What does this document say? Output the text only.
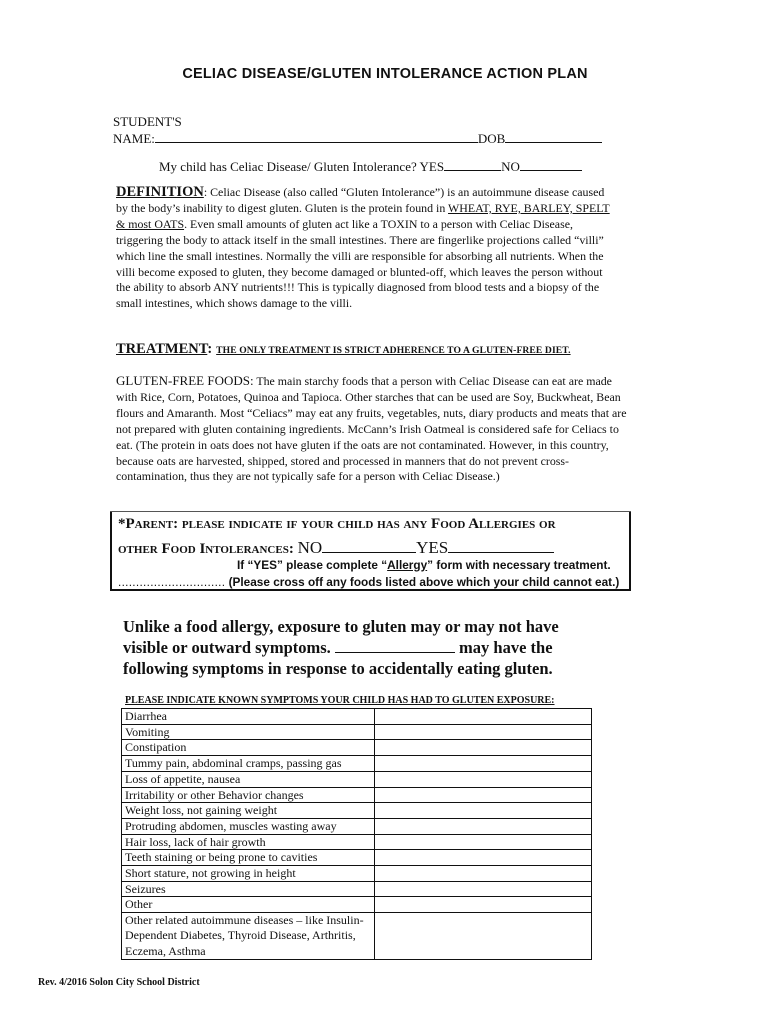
CELIAC DISEASE/GLUTEN INTOLERANCE ACTION PLAN
STUDENT'S
NAME:	DOB
My child has Celiac Disease/ Gluten Intolerance? YES	NO
DEFINITION: Celiac Disease (also called “Gluten Intolerance”) is an autoimmune disease caused by the body’s inability to digest gluten. Gluten is the protein found in WHEAT, RYE, BARLEY, SPELT & most OATS. Even small amounts of gluten act like a TOXIN to a person with Celiac Disease, triggering the body to attack itself in the small intestines. There are fingerlike projections called “villi” which line the small intestines. Normally the villi are responsible for absorbing all nutrients. When the villi become exposed to gluten, they become damaged or blunted-off, which leaves the person without the ability to absorb ANY nutrients!!! This is typically diagnosed from blood tests and a biopsy of the small intestines, which shows damage to the villi.
TREATMENT: THE ONLY TREATMENT IS STRICT ADHERENCE TO A GLUTEN-FREE DIET.
GLUTEN-FREE FOODS: The main starchy foods that a person with Celiac Disease can eat are made with Rice, Corn, Potatoes, Quinoa and Tapioca. Other starches that can be used are Soy, Buckwheat, Bean flours and Amaranth. Most “Celiacs” may eat any fruits, vegetables, nuts, diary products and meats that are not prepared with gluten containing ingredients. McCann’s Irish Oatmeal is considered safe for Celiacs to eat. (The protein in oats does not have gluten if the oats are not contaminated. However, in this country, because oats are harvested, shipped, stored and processed in manners that do not prevent cross-contamination, thus they are not typically safe for a person with Celiac Disease.)
*Parent: please indicate if your child has any Food Allergies or
other Food Intolerances: NO	YES
If “YES” please complete “Allergy” form with necessary treatment.
.............................. (Please cross off any foods listed above which your child cannot eat.)
Unlike a food allergy, exposure to gluten may or may not have
visible or outward symptoms.	may have the
following symptoms in response to accidentally eating gluten.
PLEASE INDICATE KNOWN SYMPTOMS YOUR CHILD HAS HAD TO GLUTEN EXPOSURE:
Diarrhea	
Vomiting	
Constipation	
Tummy pain, abdominal cramps, passing gas	
Loss of appetite, nausea	
Irritability or other Behavior changes	
Weight loss, not gaining weight	
Protruding abdomen, muscles wasting away	
Hair loss, lack of hair growth	
Teeth staining or being prone to cavities	
Short stature, not growing in height	
Seizures	
Other	
Other related autoimmune diseases – like Insulin-Dependent Diabetes, Thyroid Disease, Arthritis, Eczema, Asthma	
Rev. 4/2016 Solon City School District
